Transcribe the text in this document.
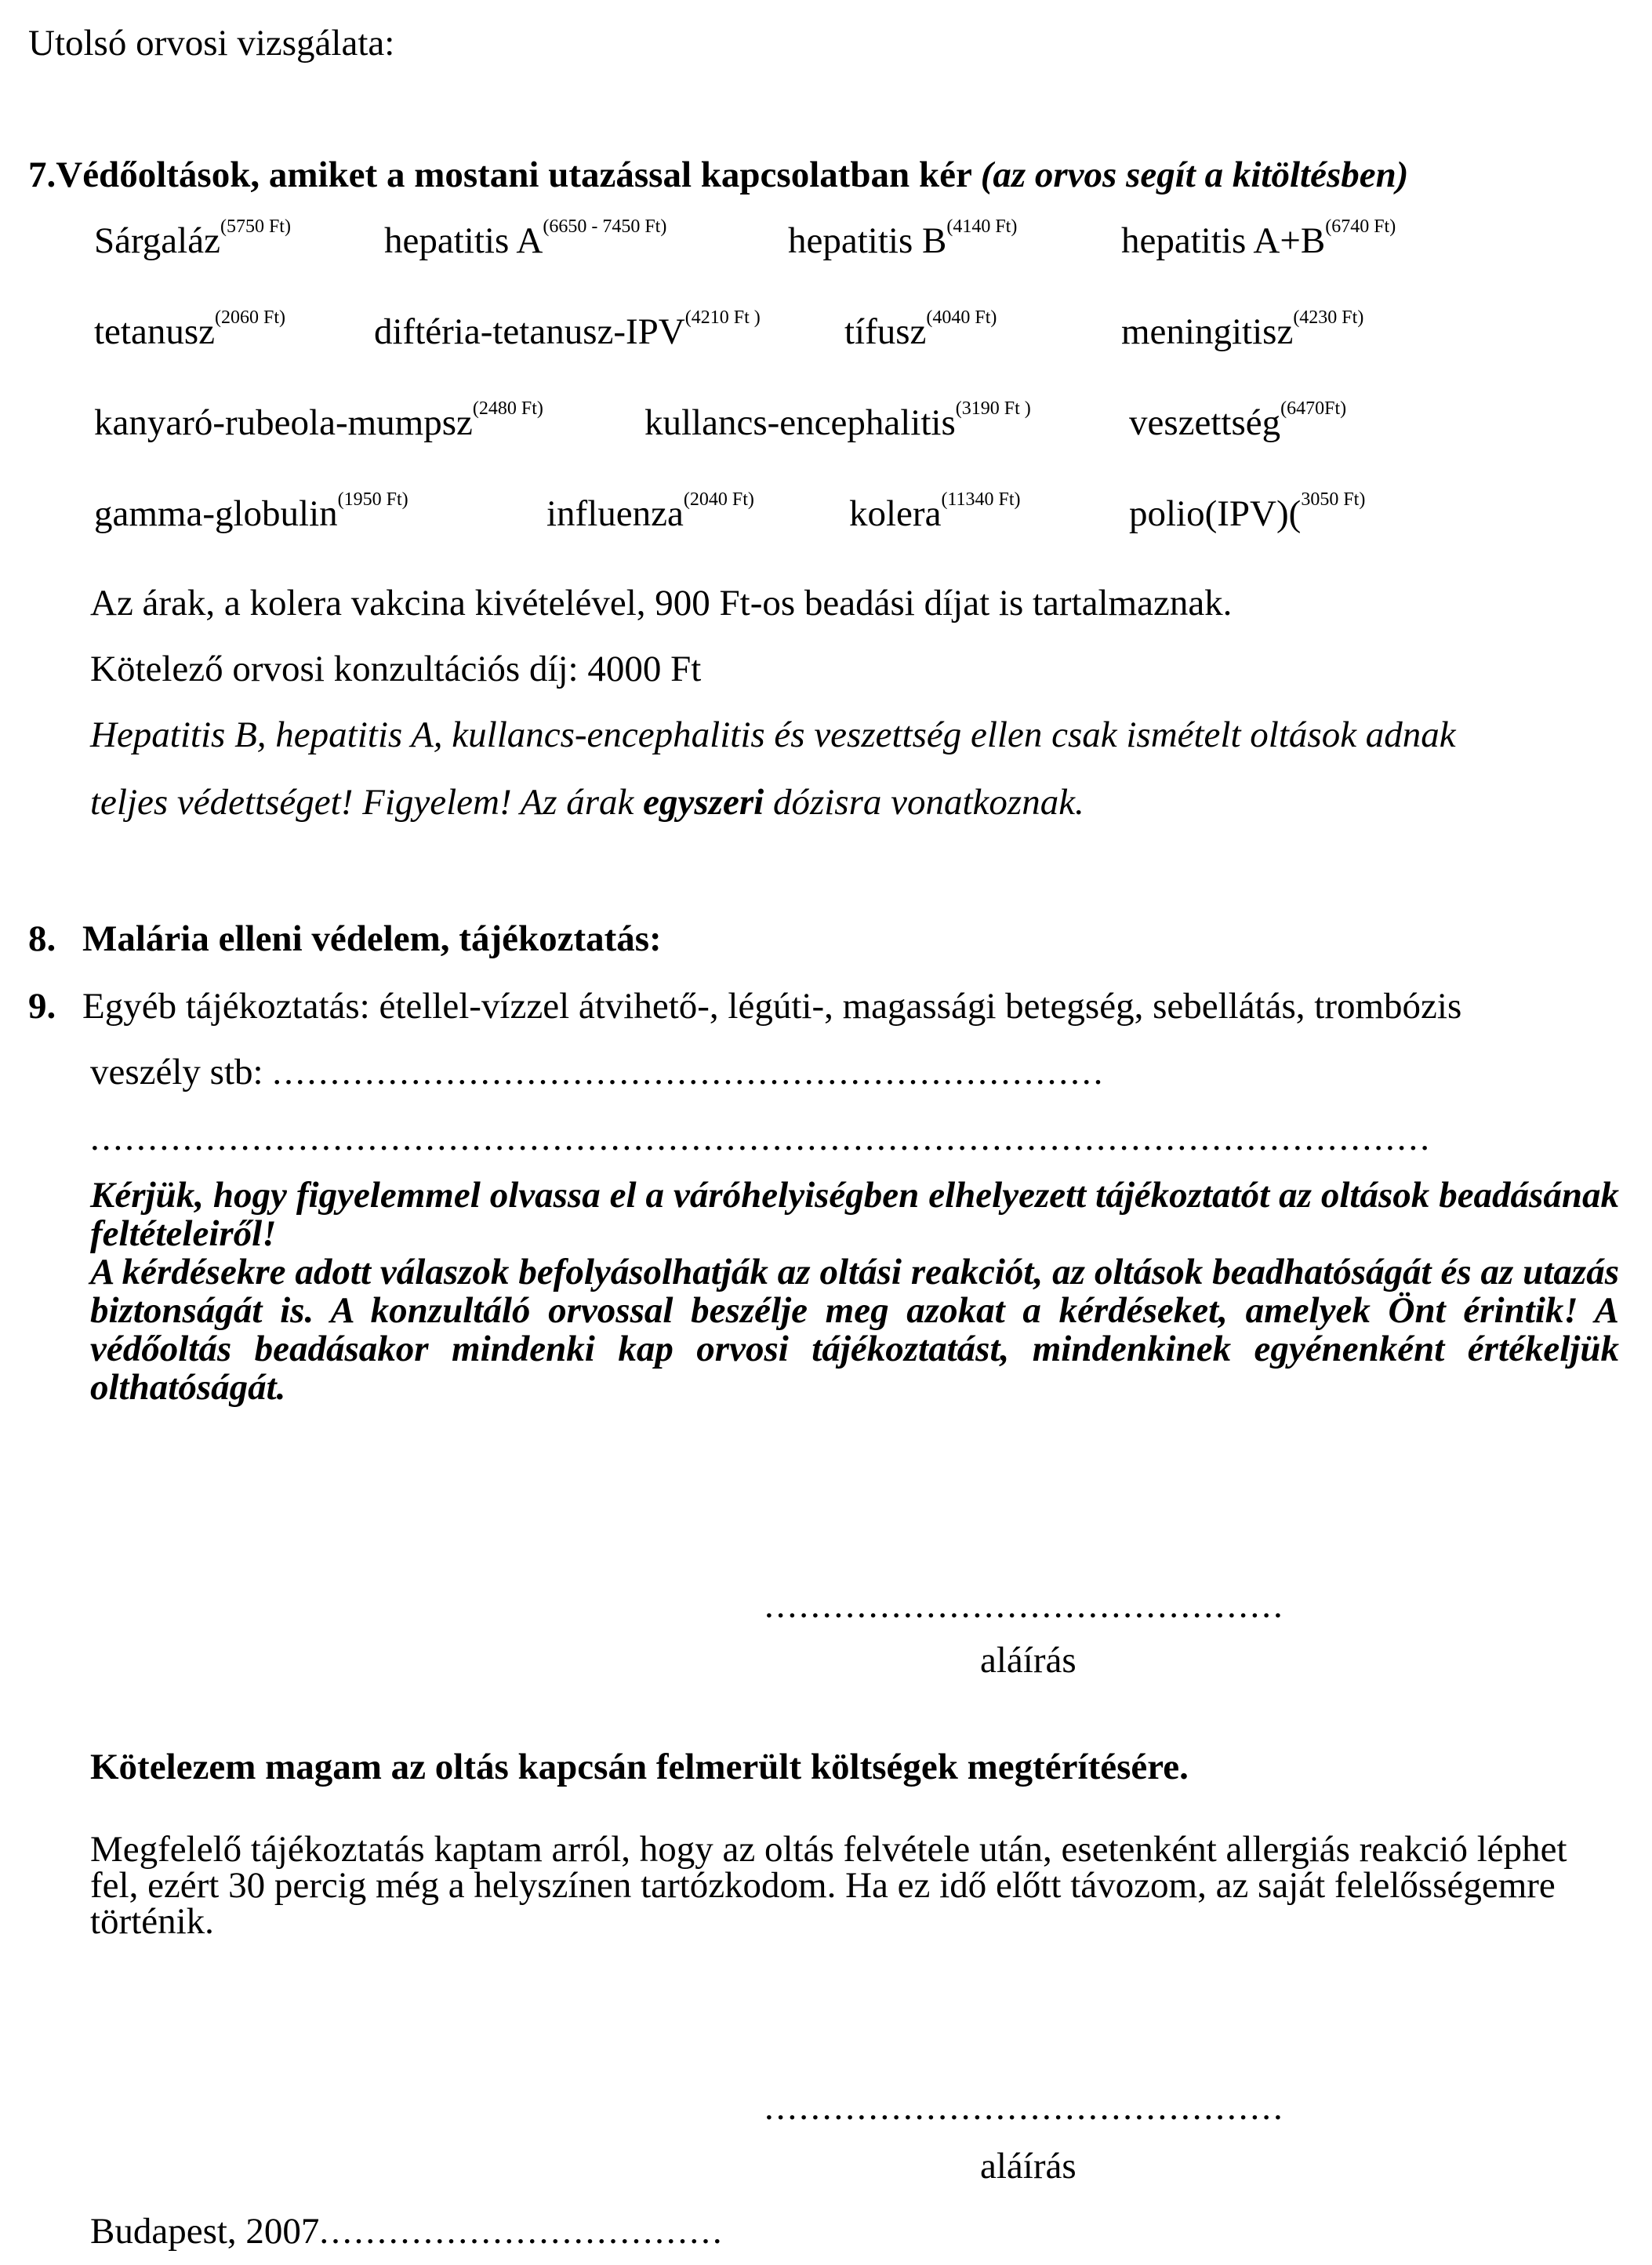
Utolsó orvosi vizsgálata:
7.Védőoltások, amiket a mostani utazással kapcsolatban kér (az orvos segít a kitöltésben)
Sárgaláz$^{(5750 Ft)}$	hepatitis $A^{(6650 - 7450 Ft)}$	hepatitis $B^{(4140 Ft)}$	hepatitis $A+B^{(6740 Ft)}$
tetanusz$^{(2060 Ft)}$ diftéria-$tetanusz-IPV^{(4210 Ft )}$ tífusz$^{(4040 Ft)}$	meningitisz$^{(4230 Ft)}$
kanyaró-rubeola-mumpsz$^{(2480 Ft)}$	kullancs-encephalitis$^{(3190 Ft )}$	veszettség$^{(6470Ft)}$
gamma-globulin$^{(1950 Ft)}$	influenza$^{(2040 Ft)}$	kolera$^{(11340 Ft)}$	polio(IPV)($^{3050 Ft)}$
Az árak, a kolera vakcina kivételével, 900 Ft-os beadási díjat is tartalmaznak.
Kötelező orvosi konzultációs díj: 4000 Ft
Hepatitis B, hepatitis A, kullancs-encephalitis és veszettség ellen csak ismételt oltások adnak
teljes védettséget! Figyelem! Az árak egyszeri dózisra vonatkoznak.
8. Malária elleni védelem, tájékoztatás:
9. Egyéb tájékoztatás: étellel-vízzel átvihető-, légúti-, magassági betegség, sebellátás, trombózis
veszély stb: ........................................................................
....................................................................................................................
Kérjük, hogy figyelemmel olvassa el a váróhelyiségben elhelyezett tájékoztatót az oltások beadásának feltételeiről!
A kérdésekre adott válaszok befolyásolhatják az oltási reakciót, az oltások beadhatóságát és az utazás biztonságát is. A konzultáló orvossal beszélje meg azokat a kérdéseket, amelyek Önt érintik! A védőoltás beadásakor mindenki kap orvosi tájékoztatást, mindenkinek egyénenként értékeljük olthatóságát.
.............................................
aláírás
Kötelezem magam az oltás kapcsán felmerült költségek megtérítésére.
Megfelelő tájékoztatás kaptam arról, hogy az oltás felvétele után, esetenként allergiás reakció léphet fel, ezért 30 percig még a helyszínen tartózkodom. Ha ez idő előtt távozom, az saját felelősségemre történik.
.............................................
aláírás
Budapest, 2007...................................
